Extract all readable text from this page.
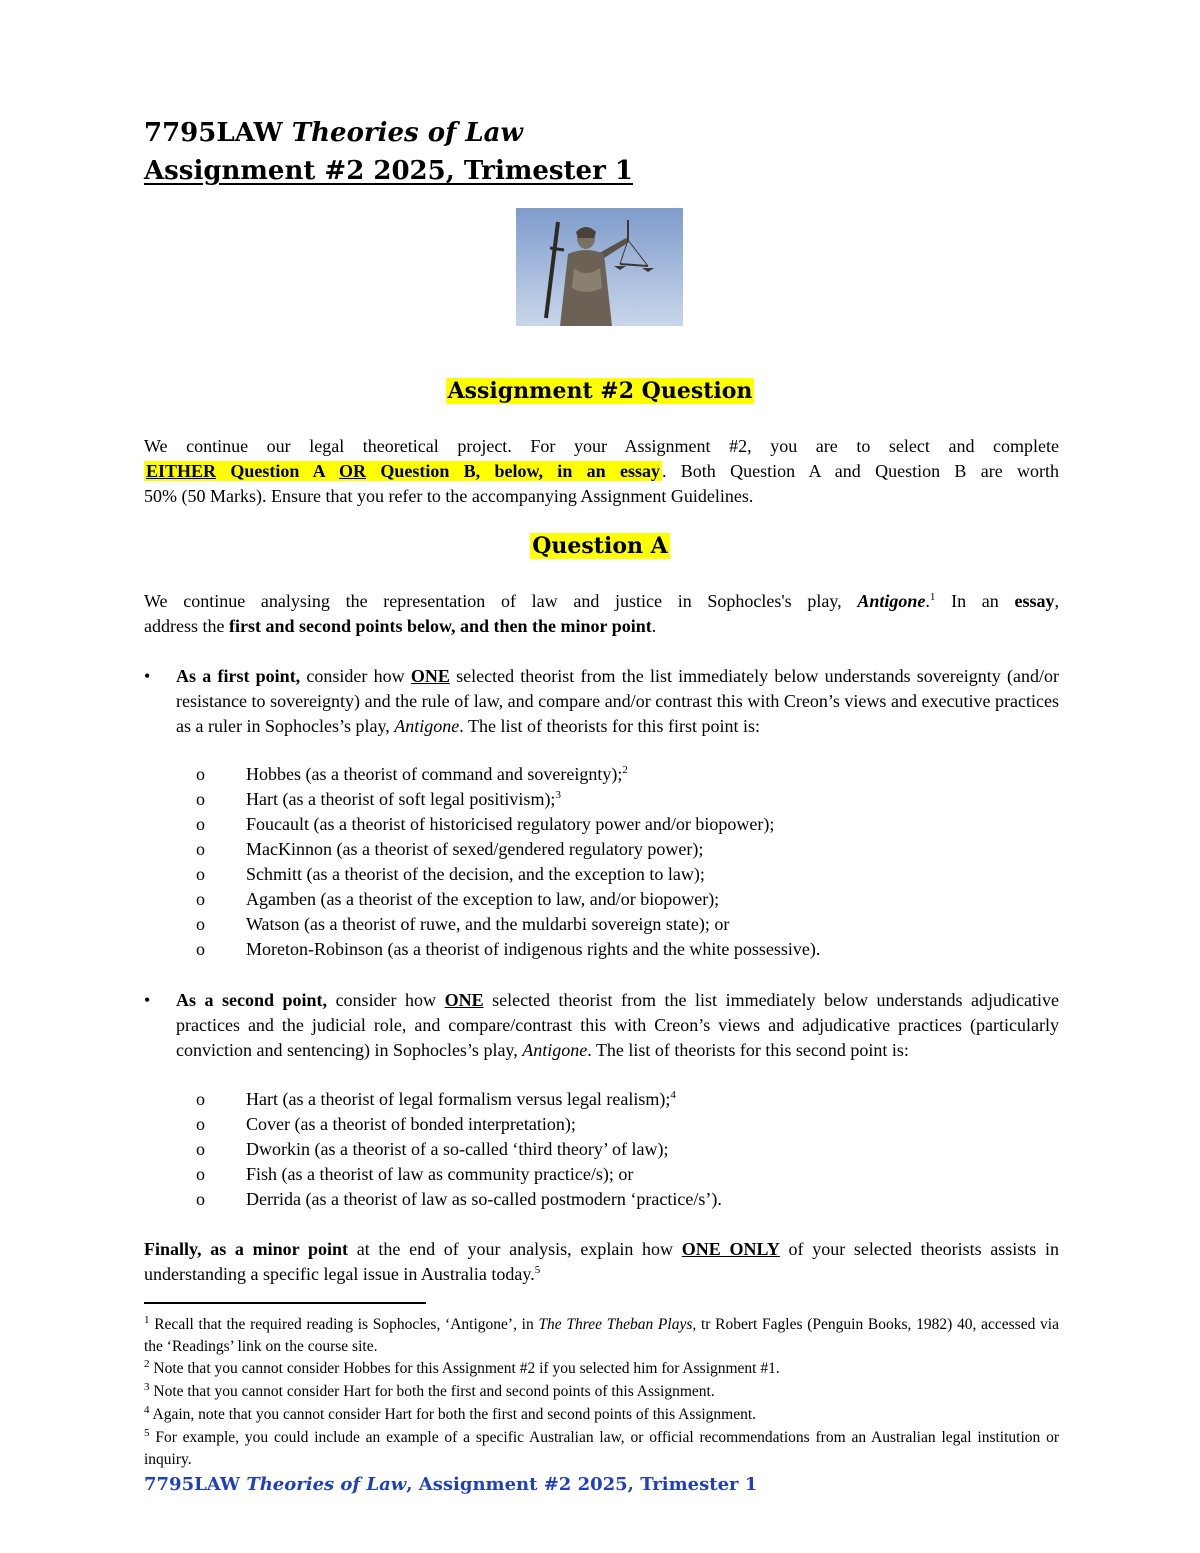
7795LAW Theories of Law
Assignment #2 2025, Trimester 1
Assignment #2 Question
We continue our legal theoretical project. For your Assignment #2, you are to select and complete
EITHER Question A OR Question B, below, in an essay . Both Question A and Question B are worth
50% (50 Marks). Ensure that you refer to the accompanying Assignment Guidelines.
Question A
We continue analysing the representation of law and justice in Sophocles's play, Antigone.$^1$ In an essay,
address the first and second points below, and then the minor point.
•	As a first point, consider how ONE selected theorist from the list immediately below understands sovereignty (and/or resistance to sovereignty) and the rule of law, and compare and/or contrast this with Creon’s views and executive practices as a ruler in Sophocles’s play, Antigone. The list of theorists for this first point is:
o Hobbes (as a theorist of command and sovereignty);$^2$
o Hart (as a theorist of soft legal positivism);$^3$
o Foucault (as a theorist of historicised regulatory power and/or biopower);
o MacKinnon (as a theorist of sexed/gendered regulatory power);
o Schmitt (as a theorist of the decision, and the exception to law);
o Agamben (as a theorist of the exception to law, and/or biopower);
o Watson (as a theorist of ruwe, and the muldarbi sovereign state); or
o Moreton-Robinson (as a theorist of indigenous rights and the white possessive).
•	As a second point, consider how ONE selected theorist from the list immediately below understands adjudicative practices and the judicial role, and compare/contrast this with Creon’s views and adjudicative practices (particularly conviction and sentencing) in Sophocles’s play, Antigone. The list of theorists for this second point is:
o Hart (as a theorist of legal formalism versus legal realism);$^4$
o Cover (as a theorist of bonded interpretation);
o Dworkin (as a theorist of a so-called ‘third theory’ of law);
o Fish (as a theorist of law as community practice/s); or
o Derrida (as a theorist of law as so-called postmodern ‘practice/s’).
Finally, as a minor point at the end of your analysis, explain how ONE ONLY of your selected theorists assists in understanding a specific legal issue in Australia today.$^5$
$^1$ Recall that the required reading is Sophocles, ‘Antigone’, in The Three Theban Plays, tr Robert Fagles (Penguin Books, 1982) 40, accessed via the ‘Readings’ link on the course site.
$^2$ Note that you cannot consider Hobbes for this Assignment #2 if you selected him for Assignment #1.
$^3$ Note that you cannot consider Hart for both the first and second points of this Assignment.
$^4$ Again, note that you cannot consider Hart for both the first and second points of this Assignment.
$^5$ For example, you could include an example of a specific Australian law, or official recommendations from an Australian legal institution or inquiry.
7795LAW Theories of Law, Assignment #2 2025, Trimester 1
